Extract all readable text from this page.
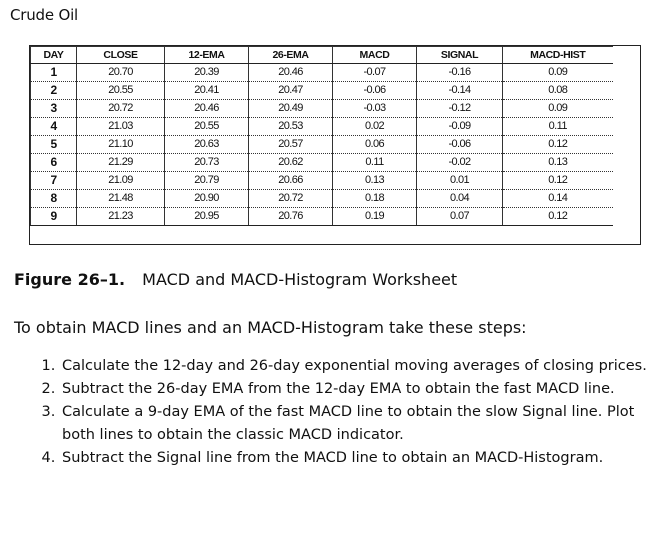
Crude Oil
DAY	CLOSE	12-EMA	26-EMA	MACD	SIGNAL	MACD-HIST
1	20.70	20.39	20.46	-0.07	-0.16	0.09
2	20.55	20.41	20.47	-0.06	-0.14	0.08
3	20.72	20.46	20.49	-0.03	-0.12	0.09
4	21.03	20.55	20.53	0.02	-0.09	0.11
5	21.10	20.63	20.57	0.06	-0.06	0.12
6	21.29	20.73	20.62	0.11	-0.02	0.13
7	21.09	20.79	20.66	0.13	0.01	0.12
8	21.48	20.90	20.72	0.18	0.04	0.14
9	21.23	20.95	20.76	0.19	0.07	0.12
Figure 26–1. MACD and MACD-Histogram Worksheet
To obtain MACD lines and an MACD-Histogram take these steps:
1. Calculate the 12-day and 26-day exponential moving averages of closing prices.
2. Subtract the 26-day EMA from the 12-day EMA to obtain the fast MACD line.
3. Calculate a 9-day EMA of the fast MACD line to obtain the slow Signal line. Plot both lines to obtain the classic MACD indicator.
4. Subtract the Signal line from the MACD line to obtain an MACD-Histogram.
